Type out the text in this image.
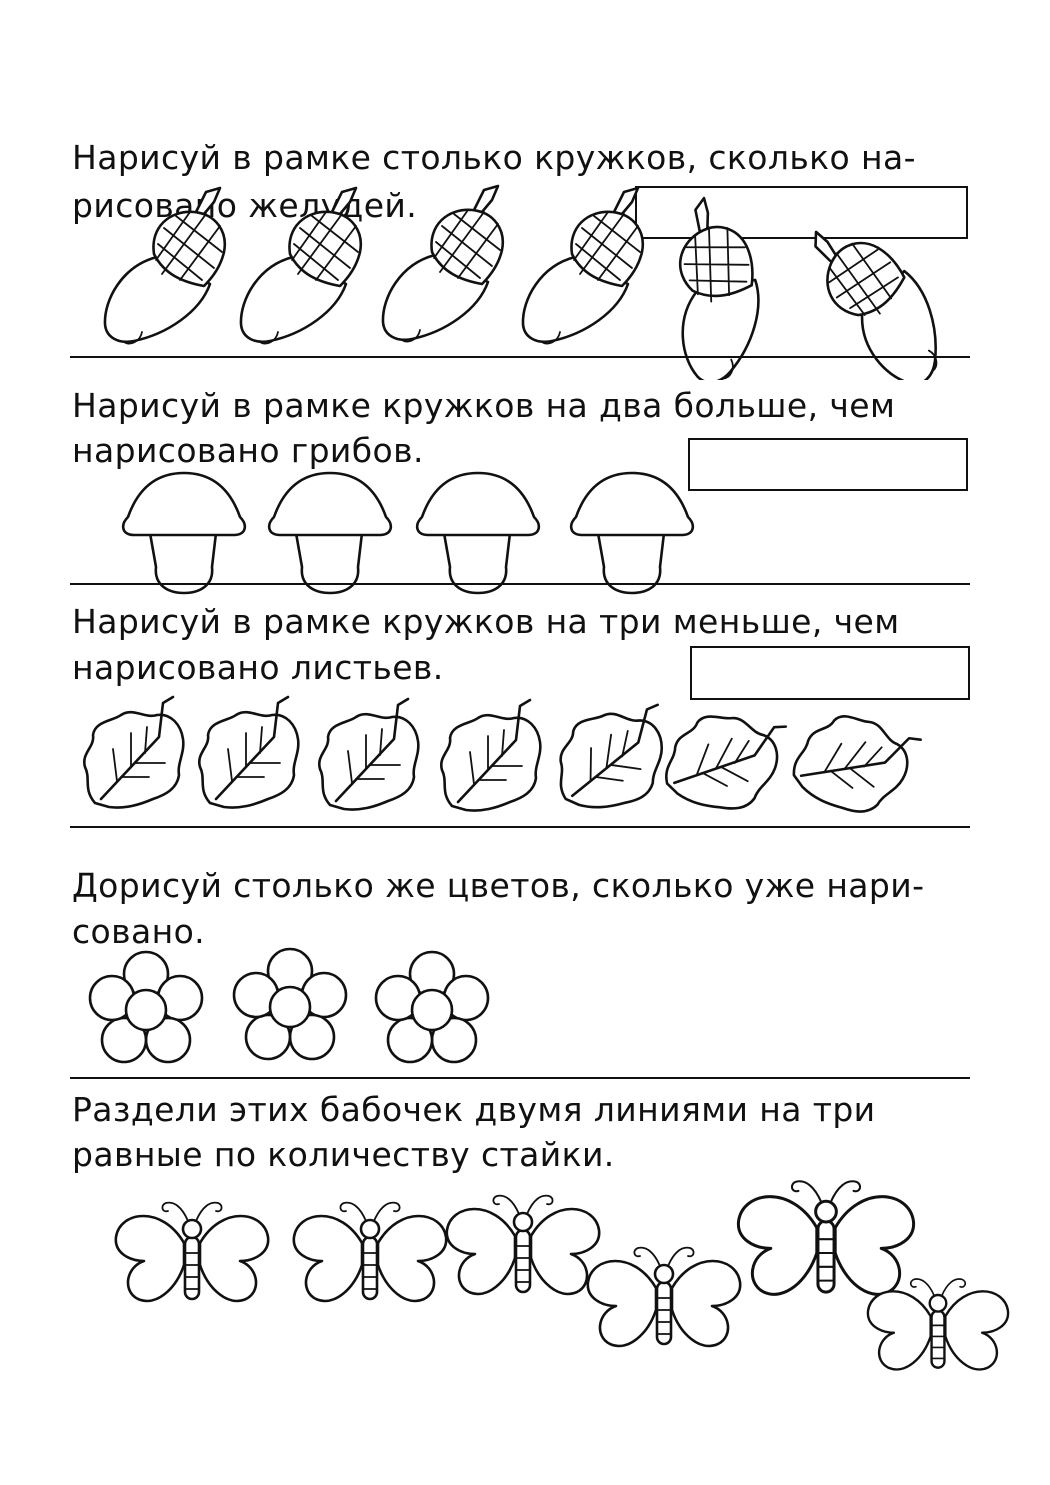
Нарисуй в рамке столько кружков, сколько на-

рисовано желудей.

Нарисуй в рамке кружков на два больше, чем

нарисовано грибов.

Нарисуй в рамке кружков на три меньше, чем

нарисовано листьев.

Дорисуй столько же цветов, сколько уже нари-

совано.

Раздели этих бабочек двумя линиями на три

равные по количеству стайки.
